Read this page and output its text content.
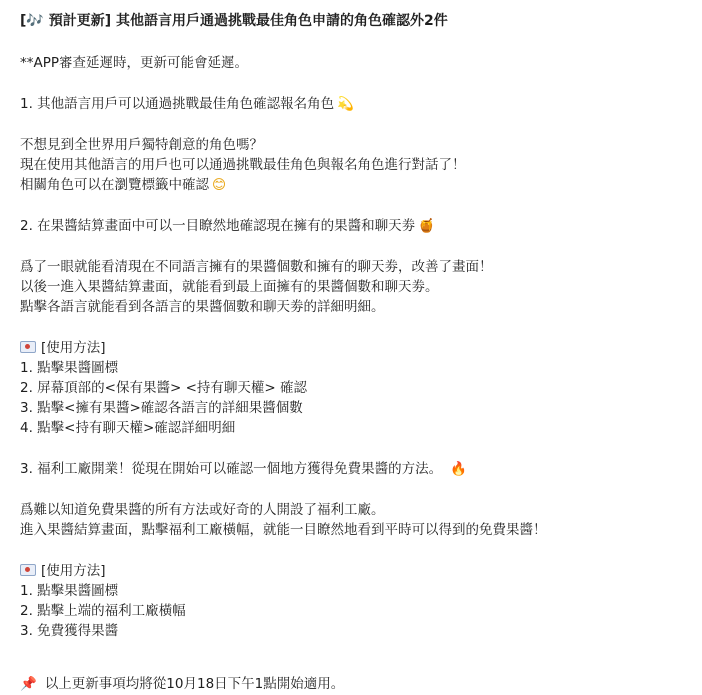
[🎶 預計更新] 其他語言用戶通過挑戰最佳角色申請的角色確認外2件
**APP審查延遲時，更新可能會延遲。
1. 其他語言用戶可以通過挑戰最佳角色確認報名角色 💫
不想見到全世界用戶獨特創意的角色嗎？
現在使用其他語言的用戶也可以通過挑戰最佳角色與報名角色進行對話了！
相關角色可以在瀏覽標籤中確認 😊
2. 在果醬結算畫面中可以一目瞭然地確認現在擁有的果醬和聊天劵 🍯
爲了一眼就能看清現在不同語言擁有的果醬個數和擁有的聊天劵，改善了畫面！
以後一進入果醬結算畫面，就能看到最上面擁有的果醬個數和聊天劵。
點擊各語言就能看到各語言的果醬個數和聊天劵的詳細明細。
[使用方法]
1. 點擊果醬圖標
2. 屏幕頂部的<保有果醬> <持有聊天權> 確認
3. 點擊<擁有果醬>確認各語言的詳細果醬個數
4. 點擊<持有聊天權>確認詳細明細
3. 福利工廠開業！從現在開始可以確認一個地方獲得免費果醬的方法。 🔥
爲難以知道免費果醬的所有方法或好奇的人開設了福利工廠。
進入果醬結算畫面，點擊福利工廠橫幅，就能一目瞭然地看到平時可以得到的免費果醬！
[使用方法]
1. 點擊果醬圖標
2. 點擊上端的福利工廠橫幅
3. 免費獲得果醬
📌 以上更新事項均將從10月18日下午1點開始適用。
